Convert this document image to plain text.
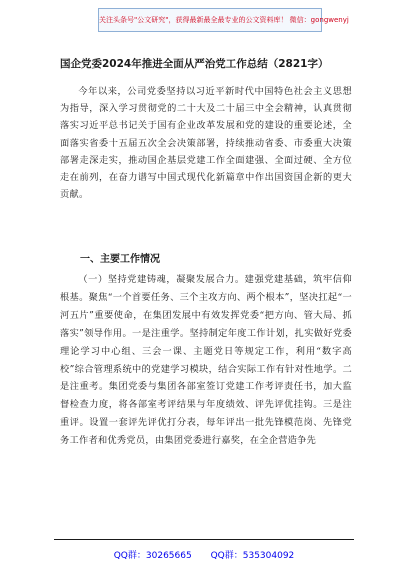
关注头条号"公文研究"，获得最新最全最专业的公文资料库！ 微信：gongwenyj
国企党委2024年推进全面从严治党工作总结（2821字）

今年以来，公司党委坚持以习近平新时代中国特色社会主义思想为指导，深入学习贯彻党的二十大及二十届三中全会精神，认真贯彻落实习近平总书记关于国有企业改革发展和党的建设的重要论述，全面落实省委十五届五次全会决策部署，持续推动省委、市委重大决策部署走深走实，推动国企基层党建工作全面建强、全面过硬、全方位走在前列，在奋力谱写中国式现代化新篇章中作出国资国企新的更大贡献。

一、主要工作情况

（一）坚持党建铸魂，凝聚发展合力。建强党建基础，筑牢信仰根基。聚焦“一个首要任务、三个主攻方向、两个根本”，坚决扛起“一河五片”重要使命，在集团发展中有效发挥党委“把方向、管大局、抓落实”领导作用。一是注重学。坚持制定年度工作计划，扎实做好党委理论学习中心组、三会一课、主题党日等规定工作，利用“数字高校”综合管理系统中的党建学习模块，结合实际工作有针对性地学。二是注重考。集团党委与集团各部室签订党建工作考评责任书，加大监督检查力度，将各部室考评结果与年度绩效、评先评优挂钩。三是注重评。设置一套评先评优打分表，每年评出一批先锋模范岗、先锋党务工作者和优秀党员，由集团党委进行嘉奖，在全企营造争先

QQ群：30265665 QQ群：535304092
